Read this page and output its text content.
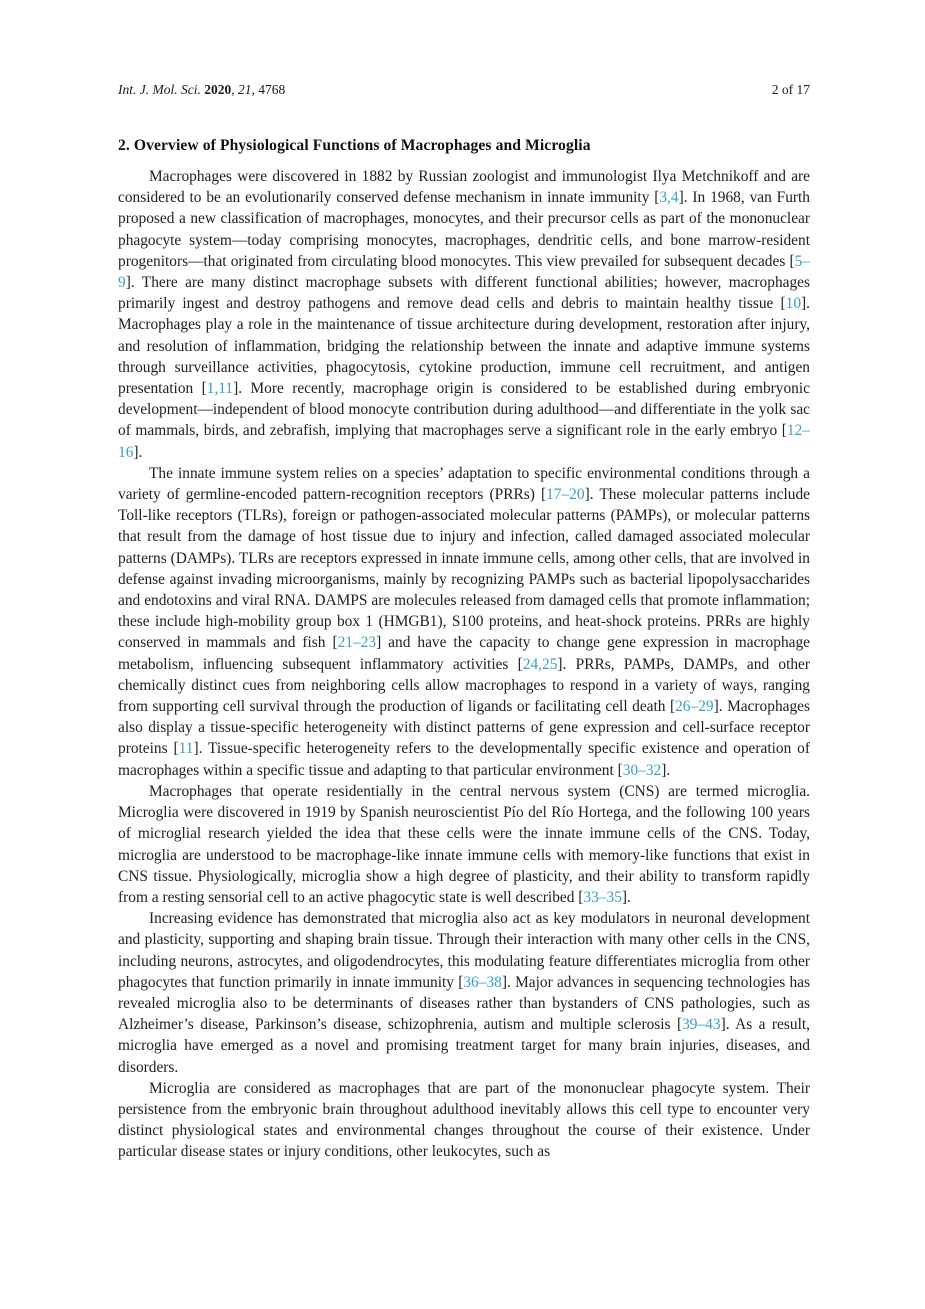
Int. J. Mol. Sci. 2020, 21, 4768	2 of 17
2. Overview of Physiological Functions of Macrophages and Microglia

Macrophages were discovered in 1882 by Russian zoologist and immunologist Ilya Metchnikoff and are considered to be an evolutionarily conserved defense mechanism in innate immunity [3,4]. In 1968, van Furth proposed a new classification of macrophages, monocytes, and their precursor cells as part of the mononuclear phagocyte system—today comprising monocytes, macrophages, dendritic cells, and bone marrow-resident progenitors—that originated from circulating blood monocytes. This view prevailed for subsequent decades [5–9]. There are many distinct macrophage subsets with different functional abilities; however, macrophages primarily ingest and destroy pathogens and remove dead cells and debris to maintain healthy tissue [10]. Macrophages play a role in the maintenance of tissue architecture during development, restoration after injury, and resolution of inflammation, bridging the relationship between the innate and adaptive immune systems through surveillance activities, phagocytosis, cytokine production, immune cell recruitment, and antigen presentation [1,11]. More recently, macrophage origin is considered to be established during embryonic development—independent of blood monocyte contribution during adulthood—and differentiate in the yolk sac of mammals, birds, and zebrafish, implying that macrophages serve a significant role in the early embryo [12–16].

The innate immune system relies on a species’ adaptation to specific environmental conditions through a variety of germline-encoded pattern-recognition receptors (PRRs) [17–20]. These molecular patterns include Toll-like receptors (TLRs), foreign or pathogen-associated molecular patterns (PAMPs), or molecular patterns that result from the damage of host tissue due to injury and infection, called damaged associated molecular patterns (DAMPs). TLRs are receptors expressed in innate immune cells, among other cells, that are involved in defense against invading microorganisms, mainly by recognizing PAMPs such as bacterial lipopolysaccharides and endotoxins and viral RNA. DAMPS are molecules released from damaged cells that promote inflammation; these include high-mobility group box 1 (HMGB1), S100 proteins, and heat-shock proteins. PRRs are highly conserved in mammals and fish [21–23] and have the capacity to change gene expression in macrophage metabolism, influencing subsequent inflammatory activities [24,25]. PRRs, PAMPs, DAMPs, and other chemically distinct cues from neighboring cells allow macrophages to respond in a variety of ways, ranging from supporting cell survival through the production of ligands or facilitating cell death [26–29]. Macrophages also display a tissue-specific heterogeneity with distinct patterns of gene expression and cell-surface receptor proteins [11]. Tissue-specific heterogeneity refers to the developmentally specific existence and operation of macrophages within a specific tissue and adapting to that particular environment [30–32].

Macrophages that operate residentially in the central nervous system (CNS) are termed microglia. Microglia were discovered in 1919 by Spanish neuroscientist Pío del Río Hortega, and the following 100 years of microglial research yielded the idea that these cells were the innate immune cells of the CNS. Today, microglia are understood to be macrophage-like innate immune cells with memory-like functions that exist in CNS tissue. Physiologically, microglia show a high degree of plasticity, and their ability to transform rapidly from a resting sensorial cell to an active phagocytic state is well described [33–35].

Increasing evidence has demonstrated that microglia also act as key modulators in neuronal development and plasticity, supporting and shaping brain tissue. Through their interaction with many other cells in the CNS, including neurons, astrocytes, and oligodendrocytes, this modulating feature differentiates microglia from other phagocytes that function primarily in innate immunity [36–38]. Major advances in sequencing technologies has revealed microglia also to be determinants of diseases rather than bystanders of CNS pathologies, such as Alzheimer’s disease, Parkinson’s disease, schizophrenia, autism and multiple sclerosis [39–43]. As a result, microglia have emerged as a novel and promising treatment target for many brain injuries, diseases, and disorders.

Microglia are considered as macrophages that are part of the mononuclear phagocyte system. Their persistence from the embryonic brain throughout adulthood inevitably allows this cell type to encounter very distinct physiological states and environmental changes throughout the course of their existence. Under particular disease states or injury conditions, other leukocytes, such as
